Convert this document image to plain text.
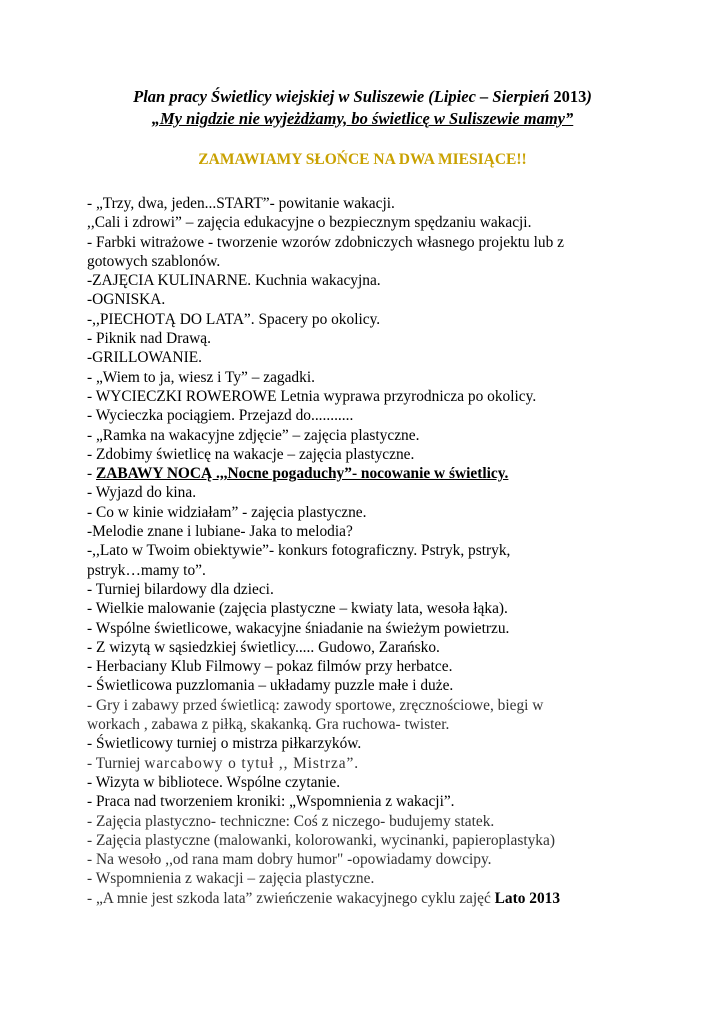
Plan pracy Świetlicy wiejskiej w Suliszewie (Lipiec – Sierpień 2013)
„My nigdzie nie wyjeżdżamy, bo świetlicę w Suliszewie mamy”
ZAMAWIAMY SŁOŃCE NA DWA MIESIĄCE!!
- „Trzy, dwa, jeden...START”- powitanie wakacji.
,,Cali i zdrowi” – zajęcia edukacyjne o bezpiecznym spędzaniu wakacji.
- Farbki witrażowe - tworzenie wzorów zdobniczych własnego projektu lub z
gotowych szablonów.
-ZAJĘCIA KULINARNE. Kuchnia wakacyjna.
-OGNISKA.
-,,PIECHOTĄ DO LATA”. Spacery po okolicy.
- Piknik nad Drawą.
-GRILLOWANIE.
- „Wiem to ja, wiesz i Ty” – zagadki.
- WYCIECZKI ROWEROWE Letnia wyprawa przyrodnicza po okolicy.
- Wycieczka pociągiem. Przejazd do...........
- „Ramka na wakacyjne zdjęcie” – zajęcia plastyczne.
- Zdobimy świetlicę na wakacje – zajęcia plastyczne.
- ZABAWY NOCĄ .,,Nocne pogaduchy”- nocowanie w świetlicy.
- Wyjazd do kina.
- Co w kinie widziałam” - zajęcia plastyczne.
-Melodie znane i lubiane- Jaka to melodia?
-,,Lato w Twoim obiektywie”- konkurs fotograficzny. Pstryk, pstryk,
pstryk…mamy to”.
- Turniej bilardowy dla dzieci.
- Wielkie malowanie (zajęcia plastyczne – kwiaty lata, wesoła łąka).
- Wspólne świetlicowe, wakacyjne śniadanie na świeżym powietrzu.
- Z wizytą w sąsiedzkiej świetlicy..... Gudowo, Zarańsko.
- Herbaciany Klub Filmowy – pokaz filmów przy herbatce.
- Świetlicowa puzzlomania – układamy puzzle małe i duże.
- Gry i zabawy przed świetlicą: zawody sportowe, zręcznościowe, biegi w
workach , zabawa z piłką, skakanką. Gra ruchowa- twister.
- Świetlicowy turniej o mistrza piłkarzyków.
- Turniej warcabowy o tytuł ,, Mistrza”.
- Wizyta w bibliotece. Wspólne czytanie.
- Praca nad tworzeniem kroniki: „Wspomnienia z wakacji”.
- Zajęcia plastyczno- techniczne: Coś z niczego- budujemy statek.
- Zajęcia plastyczne (malowanki, kolorowanki, wycinanki, papieroplastyka)
- Na wesoło ,,od rana mam dobry humor" -opowiadamy dowcipy.
- Wspomnienia z wakacji – zajęcia plastyczne.
- „A mnie jest szkoda lata” zwieńczenie wakacyjnego cyklu zajęć Lato 2013
